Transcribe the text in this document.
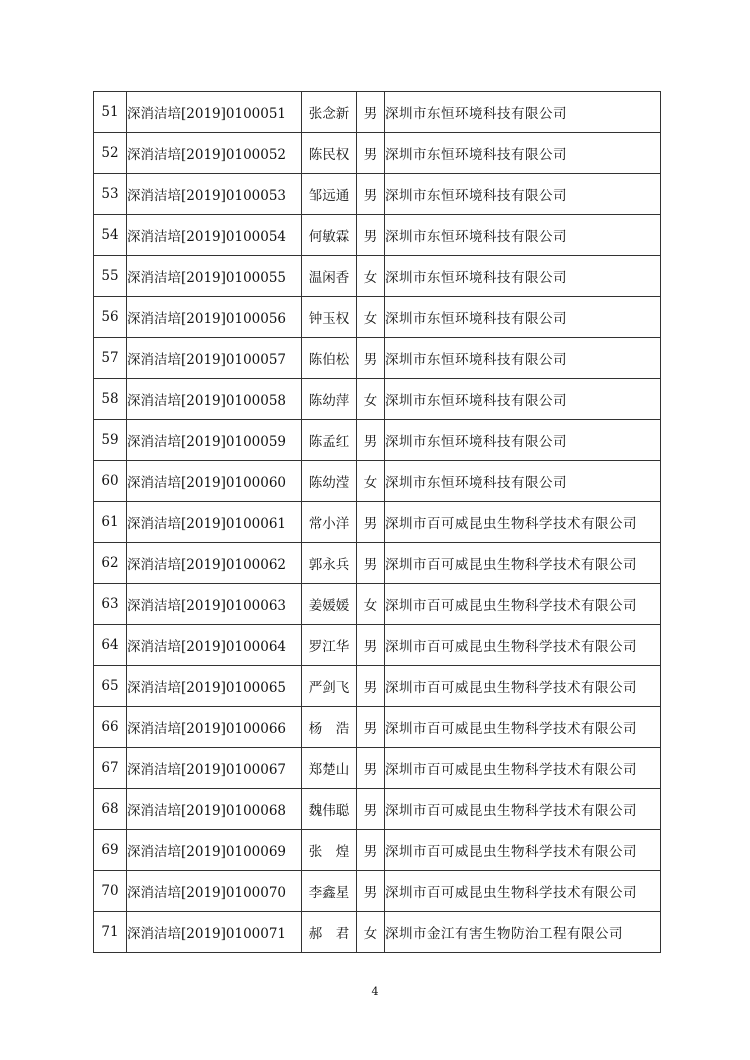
51	深消洁培[2019]0100051	张念新	男	深圳市东恒环境科技有限公司
52	深消洁培[2019]0100052	陈民权	男	深圳市东恒环境科技有限公司
53	深消洁培[2019]0100053	邹远通	男	深圳市东恒环境科技有限公司
54	深消洁培[2019]0100054	何敏霖	男	深圳市东恒环境科技有限公司
55	深消洁培[2019]0100055	温闲香	女	深圳市东恒环境科技有限公司
56	深消洁培[2019]0100056	钟玉权	女	深圳市东恒环境科技有限公司
57	深消洁培[2019]0100057	陈伯松	男	深圳市东恒环境科技有限公司
58	深消洁培[2019]0100058	陈幼萍	女	深圳市东恒环境科技有限公司
59	深消洁培[2019]0100059	陈孟红	男	深圳市东恒环境科技有限公司
60	深消洁培[2019]0100060	陈幼滢	女	深圳市东恒环境科技有限公司
61	深消洁培[2019]0100061	常小洋	男	深圳市百可威昆虫生物科学技术有限公司
62	深消洁培[2019]0100062	郭永兵	男	深圳市百可威昆虫生物科学技术有限公司
63	深消洁培[2019]0100063	姜媛媛	女	深圳市百可威昆虫生物科学技术有限公司
64	深消洁培[2019]0100064	罗江华	男	深圳市百可威昆虫生物科学技术有限公司
65	深消洁培[2019]0100065	严剑飞	男	深圳市百可威昆虫生物科学技术有限公司
66	深消洁培[2019]0100066	杨　浩	男	深圳市百可威昆虫生物科学技术有限公司
67	深消洁培[2019]0100067	郑楚山	男	深圳市百可威昆虫生物科学技术有限公司
68	深消洁培[2019]0100068	魏伟聪	男	深圳市百可威昆虫生物科学技术有限公司
69	深消洁培[2019]0100069	张　煌	男	深圳市百可威昆虫生物科学技术有限公司
70	深消洁培[2019]0100070	李鑫星	男	深圳市百可威昆虫生物科学技术有限公司
71	深消洁培[2019]0100071	郝　君	女	深圳市金江有害生物防治工程有限公司
4
